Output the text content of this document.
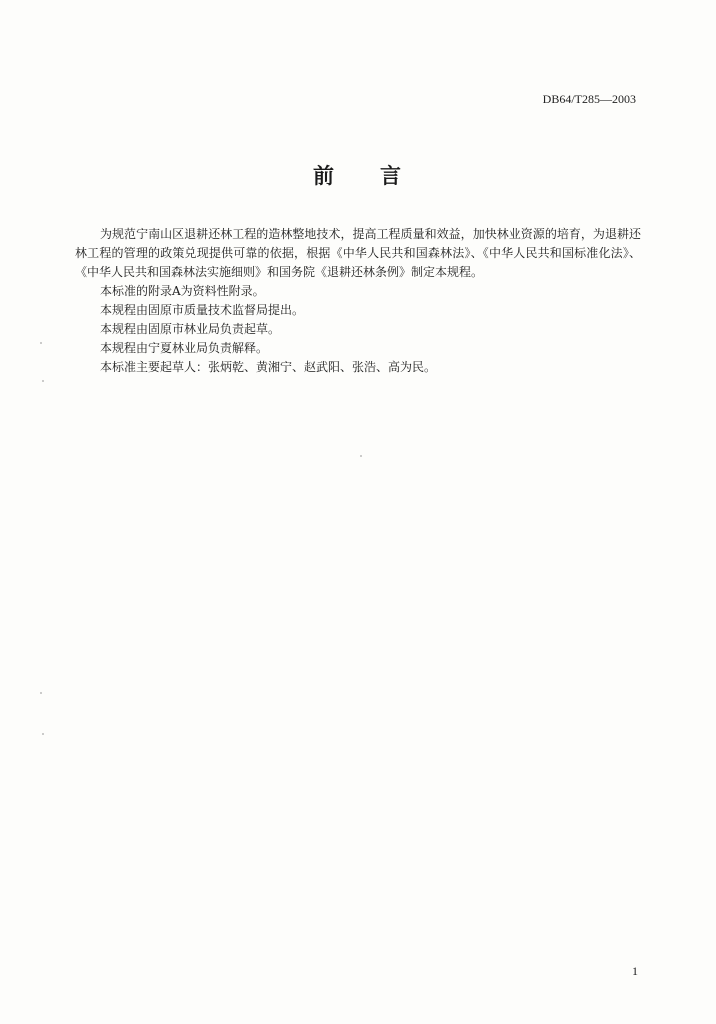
DB64/T285—2003
前 言

为规范宁南山区退耕还林工程的造林整地技术，提高工程质量和效益，加快林业资源的培育，为退耕还林工程的管理的政策兑现提供可靠的依据，根据《中华人民共和国森林法》、《中华人民共和国标准化法》、《中华人民共和国森林法实施细则》和国务院《退耕还林条例》制定本规程。

本标准的附录A为资料性附录。
本规程由固原市质量技术监督局提出。
本规程由固原市林业局负责起草。
本规程由宁夏林业局负责解释。
本标准主要起草人：张炳乾、黄湘宁、赵武阳、张浩、高为民。
1
